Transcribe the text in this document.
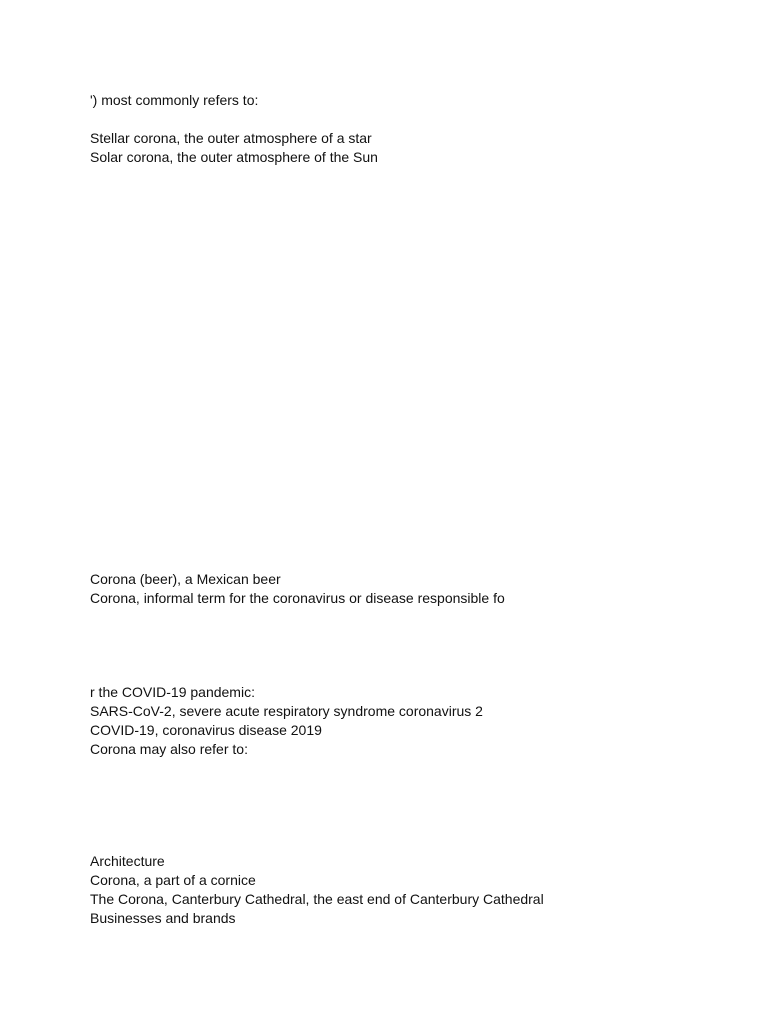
') most commonly refers to:
Stellar corona, the outer atmosphere of a star
Solar corona, the outer atmosphere of the Sun
Corona (beer), a Mexican beer
Corona, informal term for the coronavirus or disease responsible fo
r the COVID-19 pandemic:
SARS-CoV-2, severe acute respiratory syndrome coronavirus 2
COVID-19, coronavirus disease 2019
Corona may also refer to:
Architecture
Corona, a part of a cornice
The Corona, Canterbury Cathedral, the east end of Canterbury Cathedral
Businesses and brands
